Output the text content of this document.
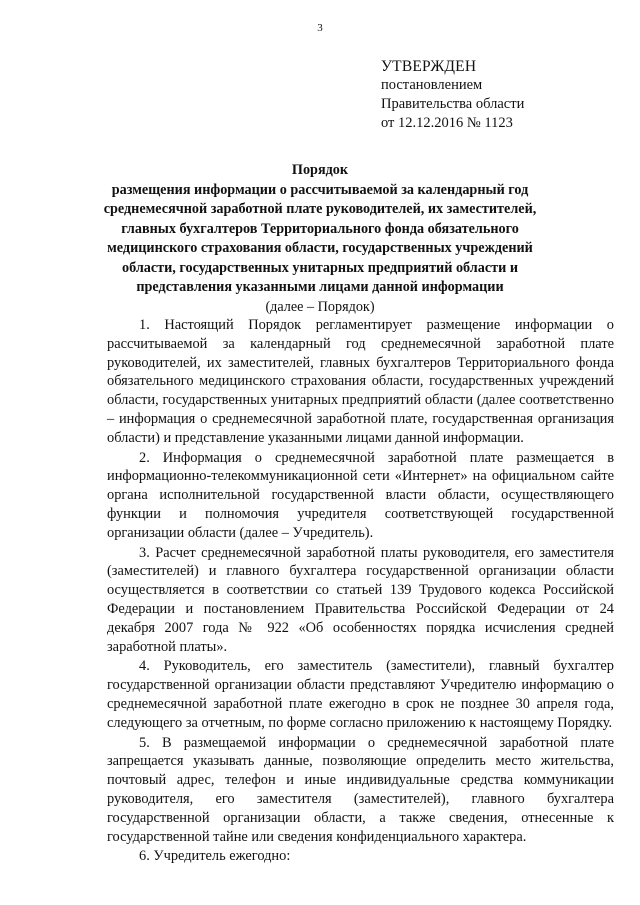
3
УТВЕРЖДЕН
постановлением
Правительства области
от 12.12.2016 № 1123
Порядок
размещения информации о рассчитываемой за календарный год среднемесячной заработной плате руководителей, их заместителей, главных бухгалтеров Территориального фонда обязательного медицинского страхования области, государственных учреждений области, государственных унитарных предприятий области и представления указанными лицами данной информации
(далее – Порядок)

1. Настоящий Порядок регламентирует размещение информации о рассчитываемой за календарный год среднемесячной заработной плате руководителей, их заместителей, главных бухгалтеров Территориального фонда обязательного медицинского страхования области, государственных учреждений области, государственных унитарных предприятий области (далее соответственно – информация о среднемесячной заработной плате, государственная организация области) и представление указанными лицами данной информации.

2. Информация о среднемесячной заработной плате размещается в информационно-телекоммуникационной сети «Интернет» на официальном сайте органа исполнительной государственной власти области, осуществляющего функции и полномочия учредителя соответствующей государственной организации области (далее – Учредитель).

3. Расчет среднемесячной заработной платы руководителя, его заместителя (заместителей) и главного бухгалтера государственной организации области осуществляется в соответствии со статьей 139 Трудового кодекса Российской Федерации и постановлением Правительства Российской Федерации от 24 декабря 2007 года № 922 «Об особенностях порядка исчисления средней заработной платы».

4. Руководитель, его заместитель (заместители), главный бухгалтер государственной организации области представляют Учредителю информацию о среднемесячной заработной плате ежегодно в срок не позднее 30 апреля года, следующего за отчетным, по форме согласно приложению к настоящему Порядку.

5. В размещаемой информации о среднемесячной заработной плате запрещается указывать данные, позволяющие определить место жительства, почтовый адрес, телефон и иные индивидуальные средства коммуникации руководителя, его заместителя (заместителей), главного бухгалтера государственной организации области, а также сведения, отнесенные к государственной тайне или сведения конфиденциального характера.

6. Учредитель ежегодно:
